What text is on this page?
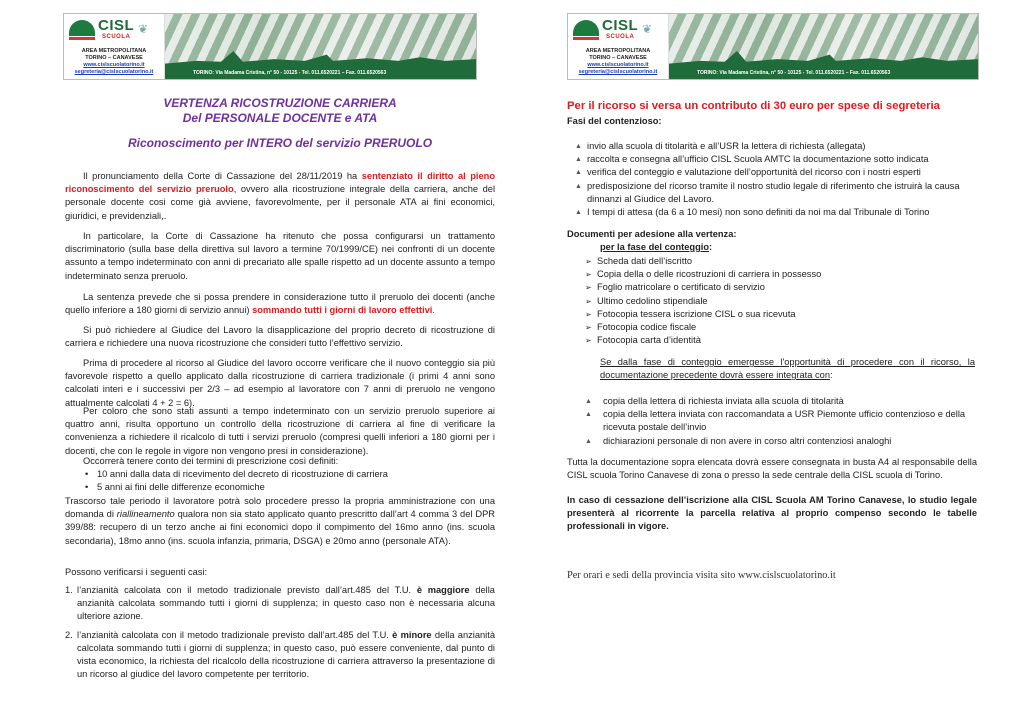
CISL
SCUOLA
❦
AREA METROPOLITANA
TORINO – CANAVESE
www.cislscuolatorino.it
segreteria@cislscuolatorino.it	TORINO: Via Madama Cristina, n° 50 - 10125 - Tel. 011.6520221 – Fax. 011.6520563
VERTENZA RICOSTRUZIONE CARRIERA
Del PERSONALE DOCENTE e ATA
Riconoscimento per INTERO del servizio PRERUOLO
Il pronunciamento della Corte di Cassazione del 28/11/2019 ha sentenziato il diritto al pieno riconoscimento del servizio preruolo, ovvero alla ricostruzione integrale della carriera, anche del personale docente cosi come già avviene, favorevolmente, per il personale ATA ai fini economici, giuridici, e previdenziali,.
In particolare, la Corte di Cassazione ha ritenuto che possa configurarsi un trattamento discriminatorio (sulla base della direttiva sul lavoro a termine 70/1999/CE) nei confronti di un docente assunto a tempo indeterminato con anni di precariato alle spalle rispetto ad un docente assunto a tempo indeterminato senza preruolo.
La sentenza prevede che si possa prendere in considerazione tutto il preruolo dei docenti (anche quello inferiore a 180 giorni di servizio annui) sommando tutti i giorni di lavoro effettivi.
Si può richiedere al Giudice del Lavoro la disapplicazione del proprio decreto di ricostruzione di carriera e richiedere una nuova ricostruzione che consideri tutto l’effettivo servizio.
Prima di procedere al ricorso al Giudice del lavoro occorre verificare che il nuovo conteggio sia più favorevole rispetto a quello applicato dalla ricostruzione di carriera tradizionale (i primi 4 anni sono calcolati interi e i successivi per 2/3 – ad esempio al lavoratore con 7 anni di preruolo ne vengono attualmente calcolati 4 + 2 = 6).
Per coloro che sono stati assunti a tempo indeterminato con un servizio preruolo superiore ai quattro anni, risulta opportuno un controllo della ricostruzione di carriera al fine di verificare la convenienza a richiedere il ricalcolo di tutti i servizi preruolo (compresi quelli inferiori a 180 giorni per i docenti, che con le regole in vigore non vengono presi in considerazione).
Occorrerà tenere conto dei termini di prescrizione così definiti:
• 10 anni dalla data di ricevimento del decreto di ricostruzione di carriera
• 5 anni ai fini delle differenze economiche
Trascorso tale periodo il lavoratore potrà solo procedere presso la propria amministrazione con una domanda di riallineamento qualora non sia stato applicato quanto prescritto dall’art 4 comma 3 del DPR 399/88: recupero di un terzo anche ai fini economici dopo il compimento del 16mo anno (ins. scuola secondaria), 18mo anno (ins. scuola infanzia, primaria, DSGA) e 20mo anno (personale ATA).
Possono verificarsi i seguenti casi:
1. l’anzianità calcolata con il metodo tradizionale previsto dall’art.485 del T.U. è maggiore della anzianità calcolata sommando tutti i giorni di supplenza; in questo caso non è necessaria alcuna ulteriore azione.
2. l’anzianità calcolata con il metodo tradizionale previsto dall’art.485 del T.U. è minore della anzianità calcolata sommando tutti i giorni di supplenza; in questo caso, può essere conveniente, dal punto di vista economico, la richiesta del ricalcolo della ricostruzione di carriera attraverso la presentazione di un ricorso al giudice del lavoro competente per territorio.
CISL
SCUOLA
❦
AREA METROPOLITANA
TORINO – CANAVESE
www.cislscuolatorino.it
segreteria@cislscuolatorino.it	TORINO: Via Madama Cristina, n° 50 - 10125 - Tel. 011.6520221 – Fax. 011.6520563
Per il ricorso si versa un contributo di 30 euro per spese di segreteria
Fasi del contenzioso:
▲ invio alla scuola di titolarità e all’USR la lettera di richiesta (allegata)
▲ raccolta e consegna all’ufficio CISL Scuola AMTC la documentazione sotto indicata
▲ verifica del conteggio e valutazione dell’opportunità del ricorso con i nostri esperti
▲ predisposizione del ricorso tramite il nostro studio legale di riferimento che istruirà la causa dinnanzi al Giudice del Lavoro.
▲ I tempi di attesa (da 6 a 10 mesi) non sono definiti da noi ma dal Tribunale di Torino
Documenti per adesione alla vertenza:
per la fase del conteggio:
➢ Scheda dati dell’iscritto
➢ Copia della o delle ricostruzioni di carriera in possesso
➢ Foglio matricolare o certificato di servizio
➢ Ultimo cedolino stipendiale
➢ Fotocopia tessera iscrizione CISL o sua ricevuta
➢ Fotocopia codice fiscale
➢ Fotocopia carta d’identità
Se dalla fase di conteggio emergesse l'opportunità di procedere con il ricorso, la documentazione precedente dovrà essere integrata con:
▲ copia della lettera di richiesta inviata alla scuola di titolarità
▲ copia della lettera inviata con raccomandata a USR Piemonte ufficio contenzioso e della ricevuta postale dell’invio
▲ dichiarazioni personale di non avere in corso altri contenziosi analoghi
Tutta la documentazione sopra elencata dovrà essere consegnata in busta A4 al responsabile della CISL scuola Torino Canavese di zona o presso la sede centrale della CISL scuola di Torino.
In caso di cessazione dell’iscrizione alla CISL Scuola AM Torino Canavese, lo studio legale presenterà al ricorrente la parcella relativa al proprio compenso secondo le tabelle professionali in vigore.
Per orari e sedi della provincia visita sito www.cislscuolatorino.it
